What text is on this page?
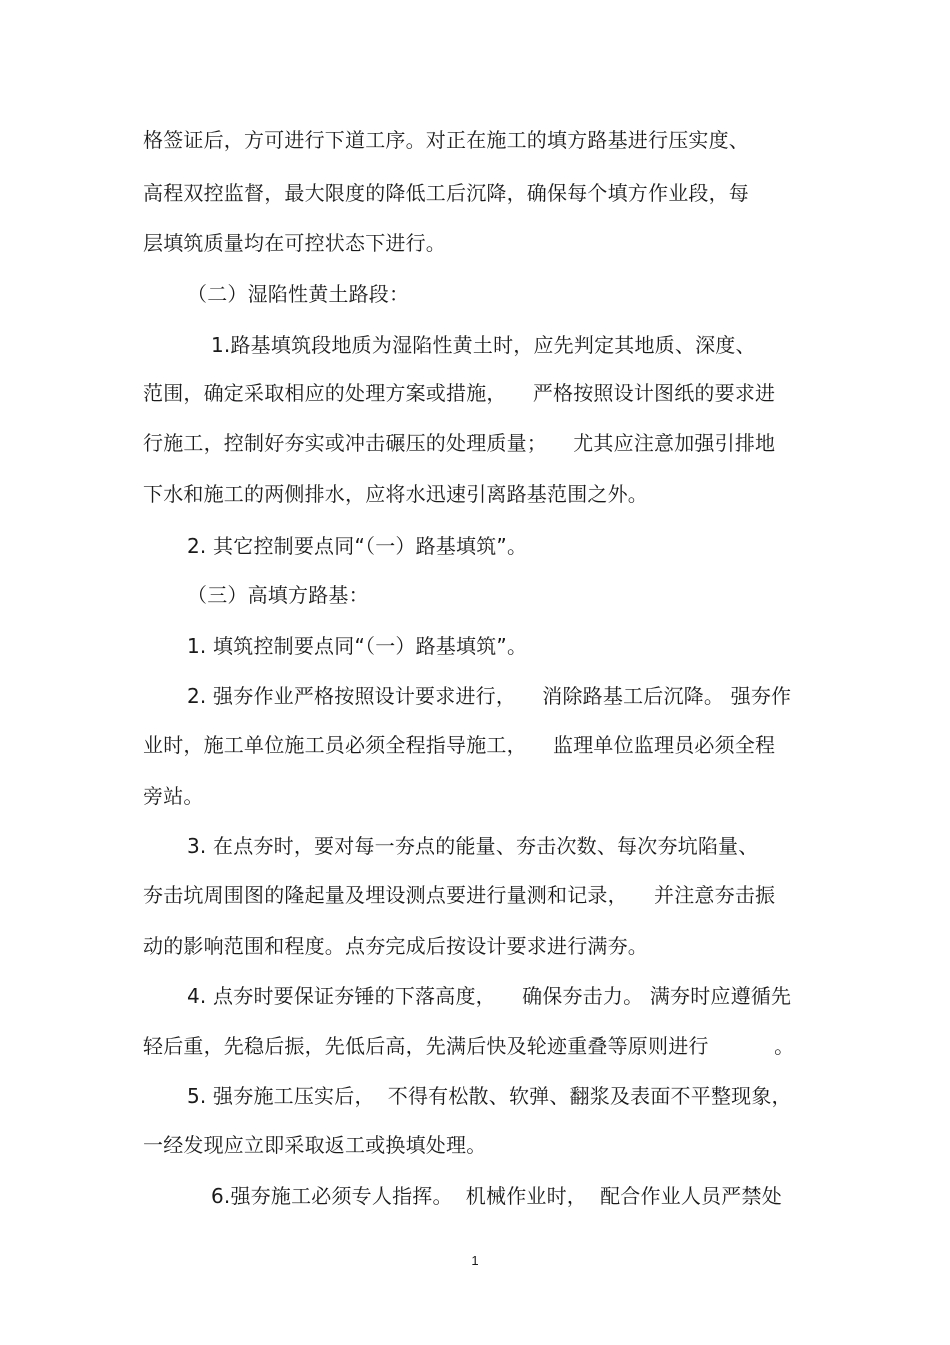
格签证后，方可进行下道工序。对正在施工的填方路基进行压实度、
高程双控监督，最大限度的降低工后沉降，确保每个填方作业段，每
层填筑质量均在可控状态下进行。
（二）湿陷性黄土路段：
1.路基填筑段地质为湿陷性黄土时，应先判定其地质、深度、
范围，确定采取相应的处理方案或措施，    严格按照设计图纸的要求进
行施工，控制好夯实或冲击碾压的处理质量；    尤其应注意加强引排地
下水和施工的两侧排水，应将水迅速引离路基范围之外。
2. 其它控制要点同“（一）路基填筑”。
（三）高填方路基：
1. 填筑控制要点同“（一）路基填筑”。
2. 强夯作业严格按照设计要求进行，    消除路基工后沉降。 强夯作
业时，施工单位施工员必须全程指导施工，    监理单位监理员必须全程
旁站。
3. 在点夯时，要对每一夯点的能量、夯击次数、每次夯坑陷量、
夯击坑周围图的隆起量及埋设测点要进行量测和记录，    并注意夯击振
动的影响范围和程度。点夯完成后按设计要求进行满夯。
4. 点夯时要保证夯锤的下落高度，    确保夯击力。 满夯时应遵循先
轻后重，先稳后振，先低后高，先满后快及轮迹重叠等原则进行          。
5. 强夯施工压实后，  不得有松散、软弹、翻浆及表面不平整现象，
一经发现应立即采取返工或换填处理。
6.强夯施工必须专人指挥。  机械作业时，  配合作业人员严禁处
1
